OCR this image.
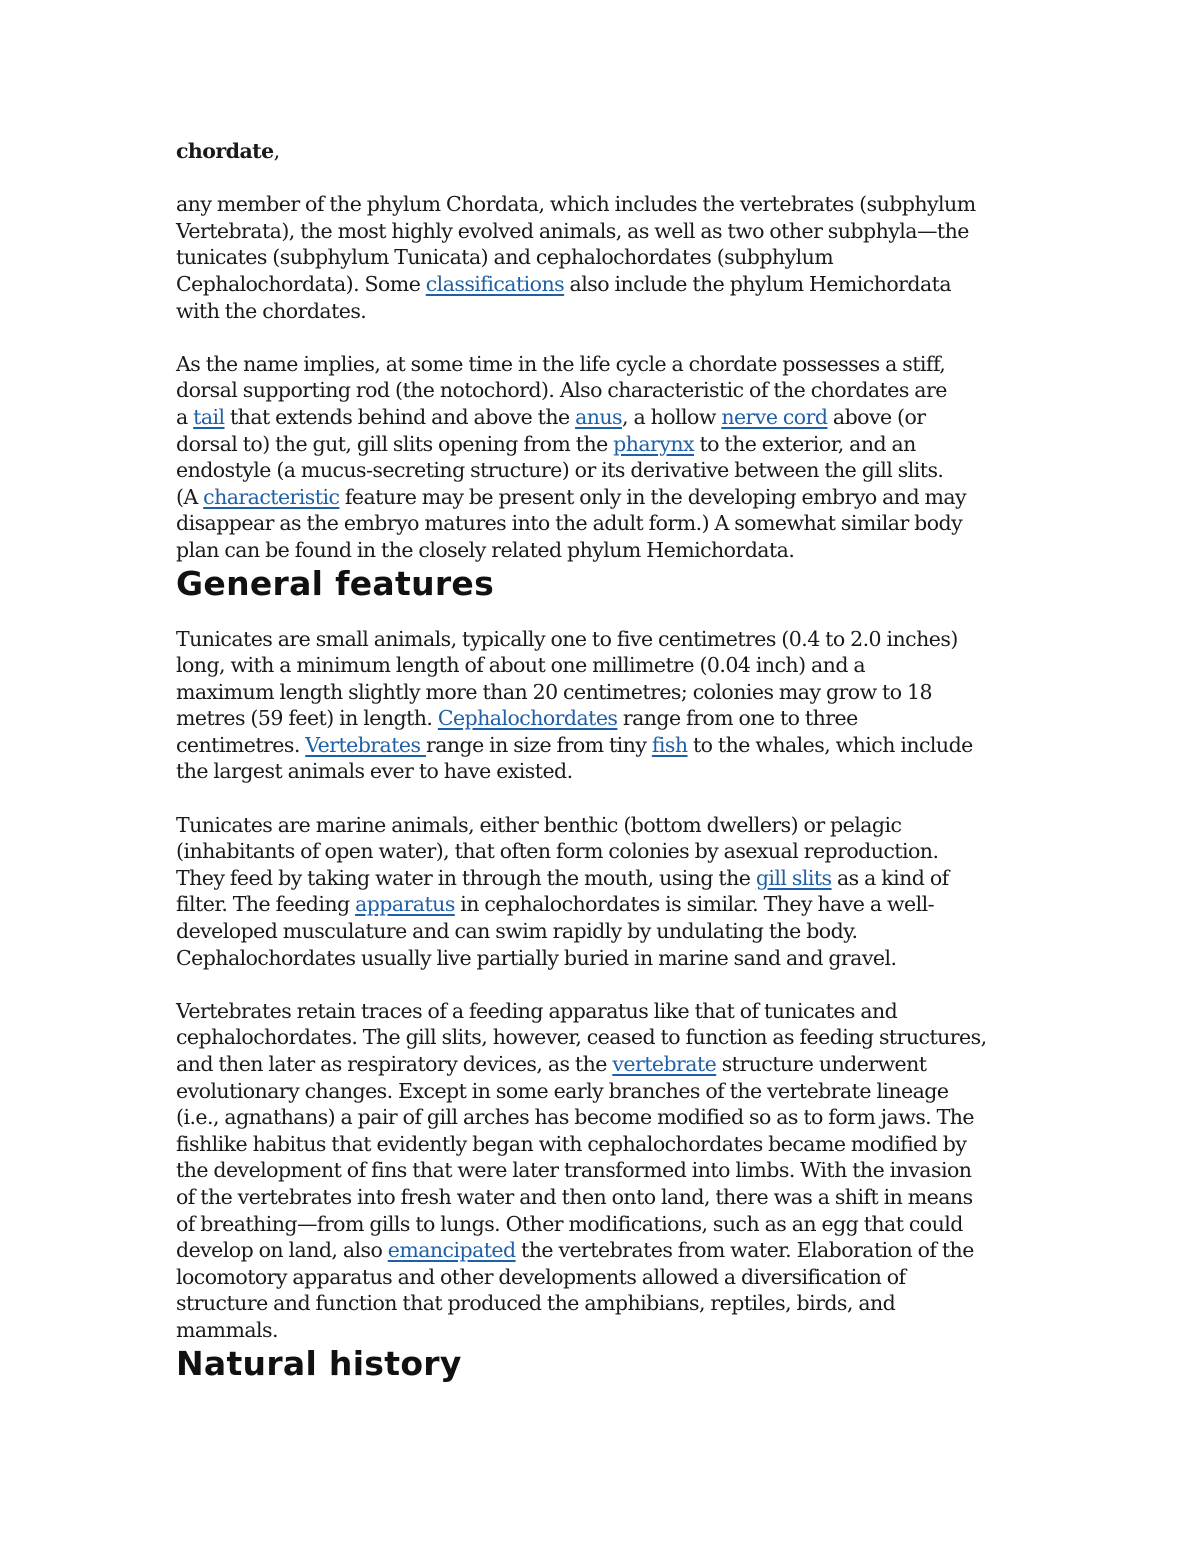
chordate,

any member of the phylum Chordata, which includes the vertebrates (subphylum
Vertebrata), the most highly evolved animals, as well as two other subphyla—the
tunicates (subphylum Tunicata) and cephalochordates (subphylum
Cephalochordata). Some classifications also include the phylum Hemichordata
with the chordates.

As the name implies, at some time in the life cycle a chordate possesses a stiff,
dorsal supporting rod (the notochord). Also characteristic of the chordates are
a tail that extends behind and above the anus, a hollow nerve cord above (or
dorsal to) the gut, gill slits opening from the pharynx to the exterior, and an
endostyle (a mucus-secreting structure) or its derivative between the gill slits.
(A characteristic feature may be present only in the developing embryo and may
disappear as the embryo matures into the adult form.) A somewhat similar body
plan can be found in the closely related phylum Hemichordata.

General features

Tunicates are small animals, typically one to five centimetres (0.4 to 2.0 inches)
long, with a minimum length of about one millimetre (0.04 inch) and a
maximum length slightly more than 20 centimetres; colonies may grow to 18
metres (59 feet) in length. Cephalochordates range from one to three
centimetres. Vertebrates range in size from tiny fish to the whales, which include
the largest animals ever to have existed.

Tunicates are marine animals, either benthic (bottom dwellers) or pelagic
(inhabitants of open water), that often form colonies by asexual reproduction.
They feed by taking water in through the mouth, using the gill slits as a kind of
filter. The feeding apparatus in cephalochordates is similar. They have a well-
developed musculature and can swim rapidly by undulating the body.
Cephalochordates usually live partially buried in marine sand and gravel.

Vertebrates retain traces of a feeding apparatus like that of tunicates and
cephalochordates. The gill slits, however, ceased to function as feeding structures,
and then later as respiratory devices, as the vertebrate structure underwent
evolutionary changes. Except in some early branches of the vertebrate lineage
(i.e., agnathans) a pair of gill arches has become modified so as to form jaws. The
fishlike habitus that evidently began with cephalochordates became modified by
the development of fins that were later transformed into limbs. With the invasion
of the vertebrates into fresh water and then onto land, there was a shift in means
of breathing—from gills to lungs. Other modifications, such as an egg that could
develop on land, also emancipated the vertebrates from water. Elaboration of the
locomotory apparatus and other developments allowed a diversification of
structure and function that produced the amphibians, reptiles, birds, and
mammals.

Natural history
